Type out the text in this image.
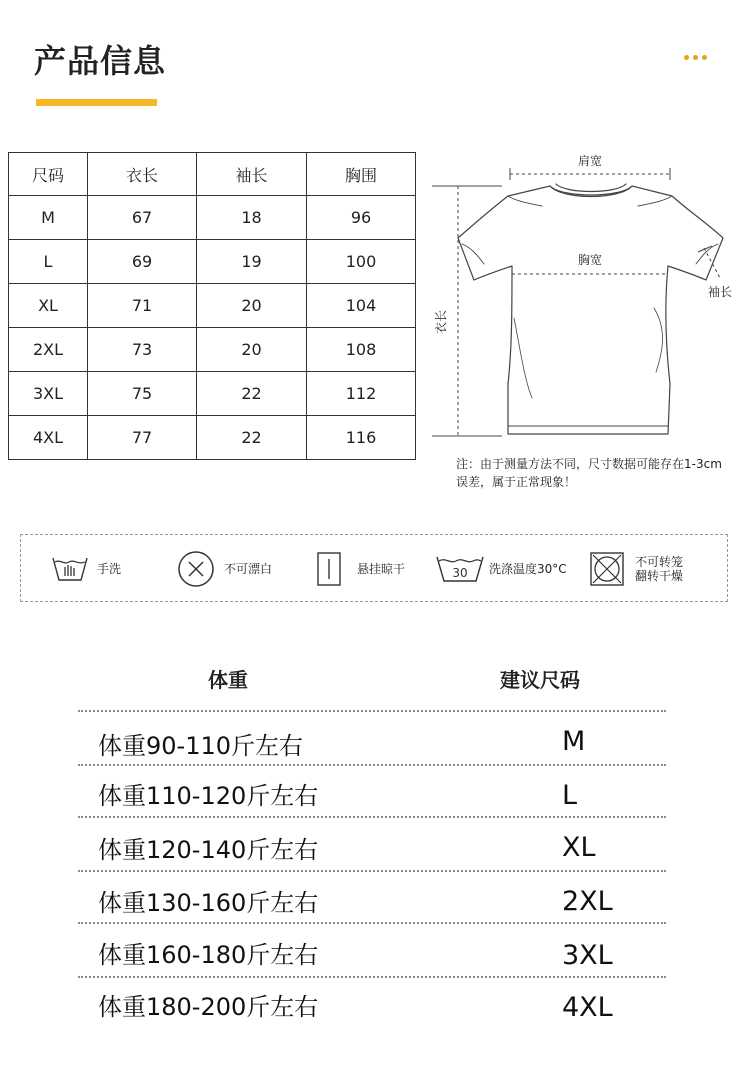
产品信息
尺码	衣长	袖长	胸围
M	67	18	96
L	69	19	100
XL	71	20	104
2XL	73	20	108
3XL	75	22	112
4XL	77	22	116
肩宽
胸宽
衣长
袖长
注：由于测量方法不同，尺寸数据可能存在1-3cm 误差，属于正常现象！
手洗	不可漂白	悬挂晾干	30 洗涤温度30°C	不可转笼
翻转干燥
体重	建议尺码
体重90-110斤左右	M
体重110-120斤左右	L
体重120-140斤左右	XL
体重130-160斤左右	2XL
体重160-180斤左右	3XL
体重180-200斤左右	4XL
